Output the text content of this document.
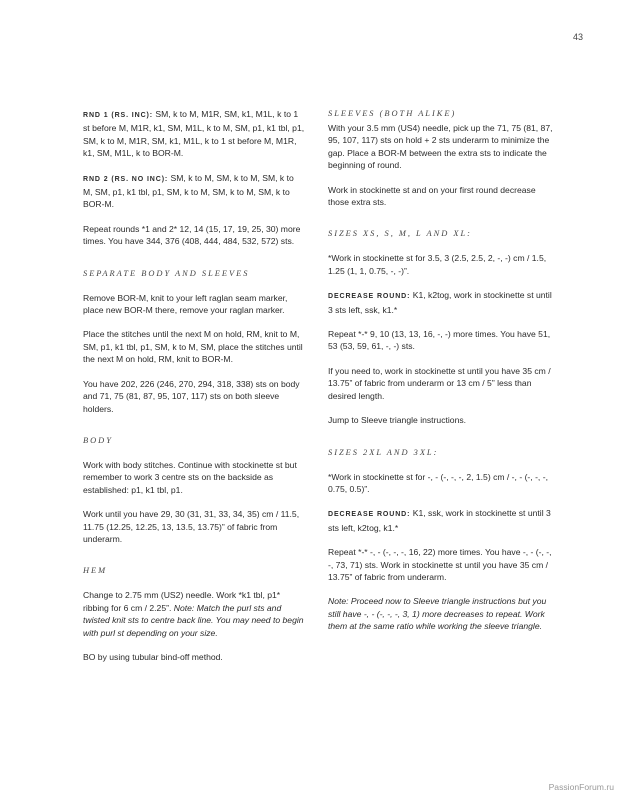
43

RND 1 (RS. INC): SM, k to M, M1R, SM, k1, M1L, k to 1 st before M, M1R, k1, SM, M1L, k to M, SM, p1, k1 tbl, p1, SM, k to M, M1R, SM, k1, M1L, k to 1 st before M, M1R, k1, SM, M1L, k to BOR-M.

RND 2 (RS. NO INC): SM, k to M, SM, k to M, SM, k to M, SM, p1, k1 tbl, p1, SM, k to M, SM, k to M, SM, k to BOR-M.

Repeat rounds *1 and 2* 12, 14 (15, 17, 19, 25, 30) more times. You have 344, 376 (408, 444, 484, 532, 572) sts.

SEPARATE BODY AND SLEEVES

Remove BOR-M, knit to your left raglan seam marker, place new BOR-M there, remove your raglan marker.

Place the stitches until the next M on hold, RM, knit to M, SM, p1, k1 tbl, p1, SM, k to M, SM, place the stitches until the next M on hold, RM, knit to BOR-M.

You have 202, 226 (246, 270, 294, 318, 338) sts on body and 71, 75 (81, 87, 95, 107, 117) sts on both sleeve holders.

BODY

Work with body stitches. Continue with stockinette st but remember to work 3 centre sts on the backside as established: p1, k1 tbl, p1.

Work until you have 29, 30 (31, 31, 33, 34, 35) cm / 11.5, 11.75 (12.25, 12.25, 13, 13.5, 13.75)” of fabric from underarm.

HEM

Change to 2.75 mm (US2) needle. Work *k1 tbl, p1* ribbing for 6 cm / 2.25”. Note: Match the purl sts and twisted knit sts to centre back line. You may need to begin with purl st depending on your size.

BO by using tubular bind-off method.

SLEEVES (BOTH ALIKE)

With your 3.5 mm (US4) needle, pick up the 71, 75 (81, 87, 95, 107, 117) sts on hold + 2 sts underarm to minimize the gap. Place a BOR-M between the extra sts to indicate the beginning of round.

Work in stockinette st and on your first round decrease those extra sts.

SIZES XS, S, M, L AND XL:

*Work in stockinette st for 3.5, 3 (2.5, 2.5, 2, -, -) cm / 1.5, 1.25 (1, 1, 0.75, -, -)”.

DECREASE ROUND: K1, k2tog, work in stockinette st until 3 sts left, ssk, k1.*

Repeat *-* 9, 10 (13, 13, 16, -, -) more times. You have 51, 53 (53, 59, 61, -, -) sts.

If you need to, work in stockinette st until you have 35 cm / 13.75” of fabric from underarm or 13 cm / 5” less than desired length.

Jump to Sleeve triangle instructions.

SIZES 2XL AND 3XL:

*Work in stockinette st for -, - (-, -, -, 2, 1.5) cm / -, - (-, -, -, 0.75, 0.5)”.

DECREASE ROUND: K1, ssk, work in stockinette st until 3 sts left, k2tog, k1.*

Repeat *-* -, - (-, -, -, 16, 22) more times. You have -, - (-, -, -, 73, 71) sts. Work in stockinette st until you have 35 cm / 13.75” of fabric from underarm.

Note: Proceed now to Sleeve triangle instructions but you still have -, - (-, -, -, 3, 1) more decreases to repeat. Work them at the same ratio while working the sleeve triangle.

PassionForum.ru
